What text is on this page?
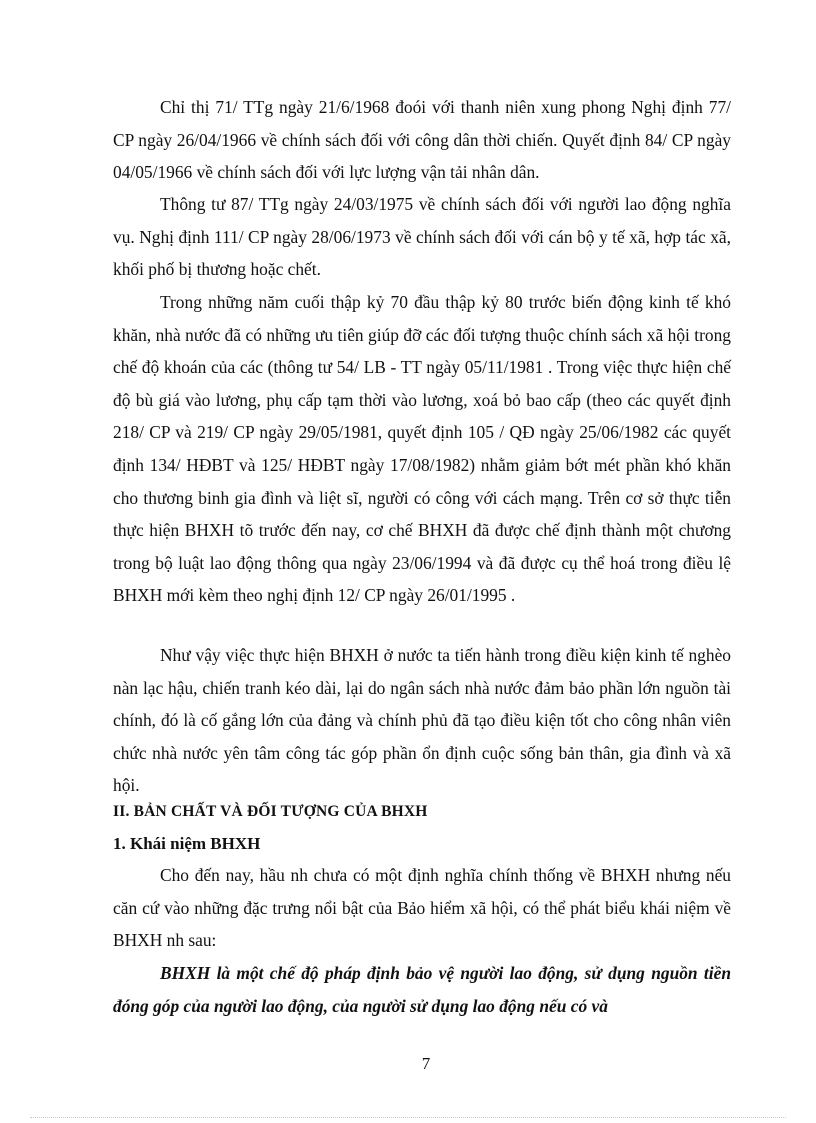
Chỉ thị 71/ TTg ngày 21/6/1968 đoói với thanh niên xung phong Nghị định 77/ CP ngày 26/04/1966 về chính sách đối với công dân thời chiến. Quyết định 84/ CP ngày 04/05/1966 về chính sách đối với lực lượng vận tải nhân dân.

Thông tư 87/ TTg ngày 24/03/1975 về chính sách đối với người lao động nghĩa vụ. Nghị định 111/ CP ngày 28/06/1973 về chính sách đối với cán bộ y tế xã, hợp tác xã, khối phố bị thương hoặc chết.

Trong những năm cuối thập kỷ 70 đầu thập kỷ 80 trước biến động kinh tế khó khăn, nhà nước đã có những ưu tiên giúp đỡ các đối tượng thuộc chính sách xã hội trong chế độ khoán của các (thông tư 54/ LB - TT ngày 05/11/1981 . Trong việc thực hiện chế độ bù giá vào lương, phụ cấp tạm thời vào lương, xoá bỏ bao cấp (theo các quyết định 218/ CP và 219/ CP ngày 29/05/1981, quyết định 105 / QĐ ngày 25/06/1982 các quyết định 134/ HĐBT và 125/ HĐBT ngày 17/08/1982) nhằm giảm bớt mét phần khó khăn cho thương binh gia đình và liệt sĩ, người có công với cách mạng. Trên cơ sở thực tiễn thực hiện BHXH tõ trước đến nay, cơ chế BHXH đã được chế định thành một chương trong bộ luật lao động thông qua ngày 23/06/1994 và đã được cụ thể hoá trong điều lệ BHXH mới kèm theo nghị định 12/ CP ngày 26/01/1995 .

Như vậy việc thực hiện BHXH ở nước ta tiến hành trong điều kiện kinh tế nghèo nàn lạc hậu, chiến tranh kéo dài, lại do ngân sách nhà nước đảm bảo phần lớn nguồn tài chính, đó là cố gắng lớn của đảng và chính phủ đã tạo điều kiện tốt cho công nhân viên chức nhà nước yên tâm công tác góp phần ổn định cuộc sống bản thân, gia đình và xã hội.

II. BẢN CHẤT VÀ ĐỐI TƯỢNG CỦA BHXH
1. Khái niệm BHXH

Cho đến nay, hầu nh chưa có một định nghĩa chính thống về BHXH nhưng nếu căn cứ vào những đặc trưng nổi bật của Bảo hiểm xã hội, có thể phát biểu khái niệm về BHXH nh sau:

BHXH là một chế độ pháp định bảo vệ người lao động, sử dụng nguồn tiền đóng góp của người lao động, của người sử dụng lao động nếu có và

7
